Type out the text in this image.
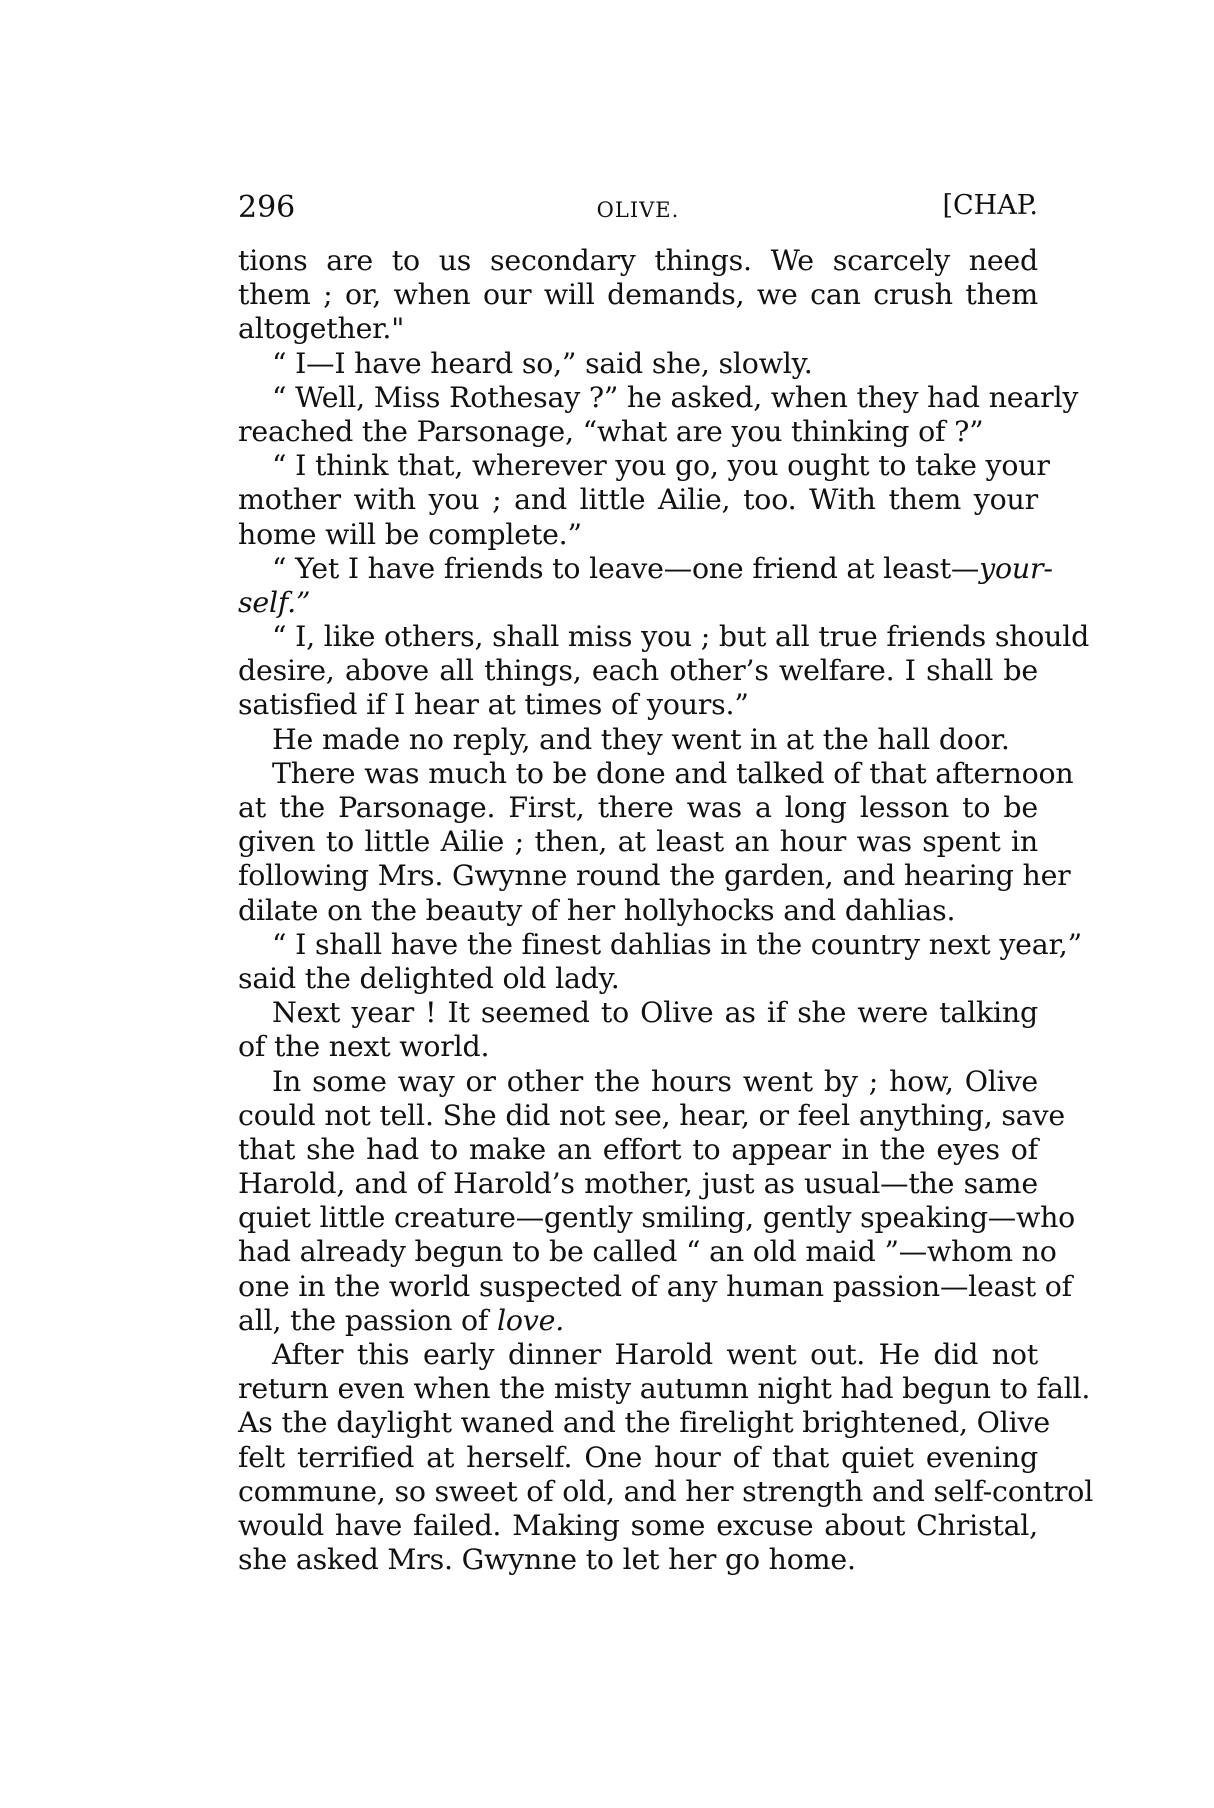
296	OLIVE.	[CHAP.
tions are to us secondary things. We scarcely need
them ; or, when our will demands, we can crush them
altogether."
“ I—I have heard so,” said she, slowly.
“ Well, Miss Rothesay ?” he asked, when they had nearly
reached the Parsonage, “what are you thinking of ?”
“ I think that, wherever you go, you ought to take your
mother with you ; and little Ailie, too. With them your
home will be complete.”
“ Yet I have friends to leave—one friend at least—your-
self.”
“ I, like others, shall miss you ; but all true friends should
desire, above all things, each other’s welfare. I shall be
satisfied if I hear at times of yours.”
He made no reply, and they went in at the hall door.
There was much to be done and talked of that afternoon
at the Parsonage. First, there was a long lesson to be
given to little Ailie ; then, at least an hour was spent in
following Mrs. Gwynne round the garden, and hearing her
dilate on the beauty of her hollyhocks and dahlias.
“ I shall have the finest dahlias in the country next year,”
said the delighted old lady.
Next year ! It seemed to Olive as if she were talking
of the next world.
In some way or other the hours went by ; how, Olive
could not tell. She did not see, hear, or feel anything, save
that she had to make an effort to appear in the eyes of
Harold, and of Harold’s mother, just as usual—the same
quiet little creature—gently smiling, gently speaking—who
had already begun to be called “ an old maid ”—whom no
one in the world suspected of any human passion—least of
all, the passion of love.
After this early dinner Harold went out. He did not
return even when the misty autumn night had begun to fall.
As the daylight waned and the firelight brightened, Olive
felt terrified at herself. One hour of that quiet evening
commune, so sweet of old, and her strength and self-control
would have failed. Making some excuse about Christal,
she asked Mrs. Gwynne to let her go home.
